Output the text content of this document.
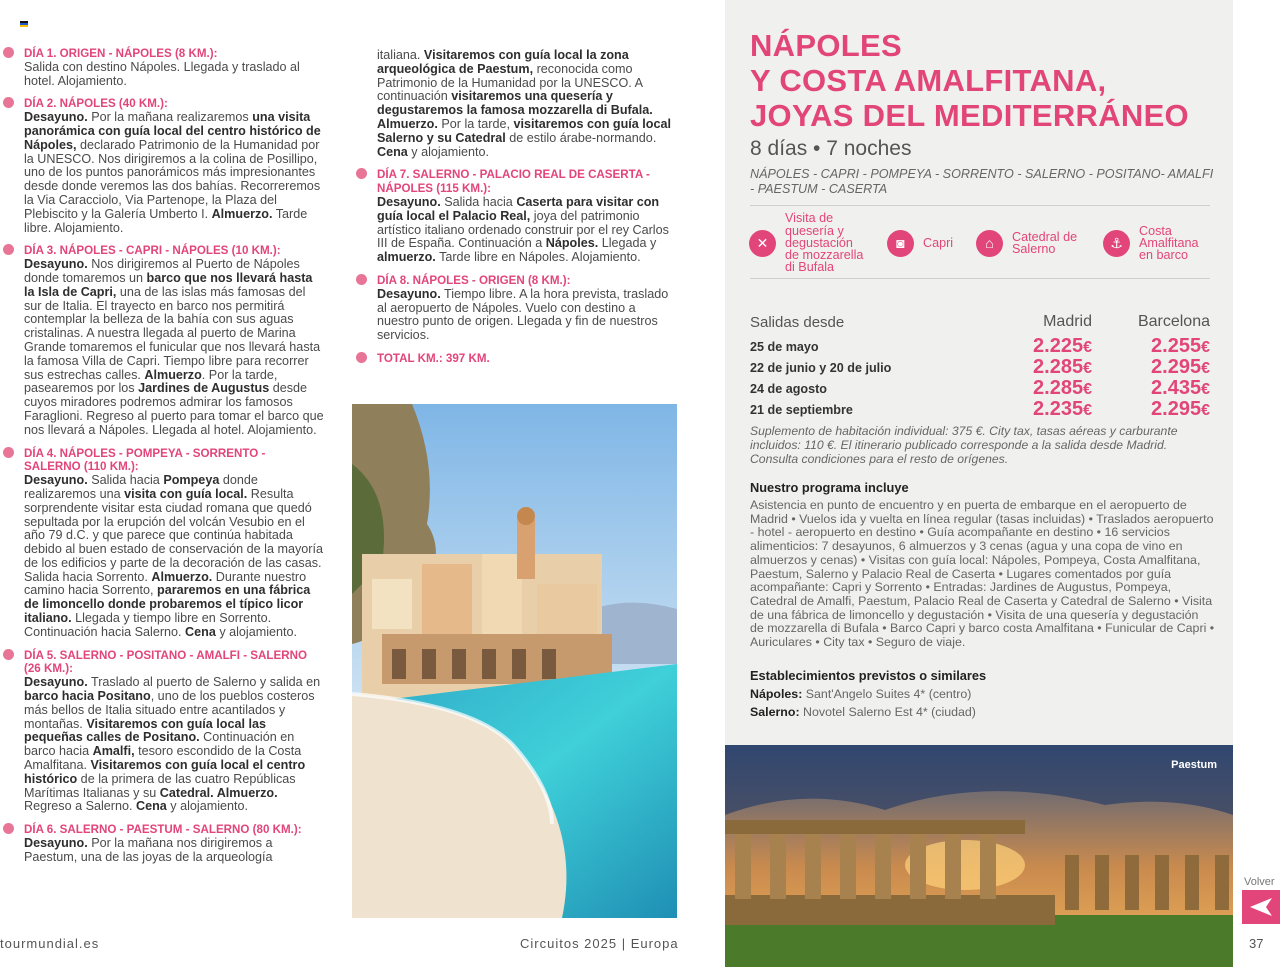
DÍA 1. ORIGEN - NÁPOLES (8 KM.):

Salida con destino Nápoles. Llegada y traslado al hotel. Alojamiento.

DÍA 2. NÁPOLES (40 KM.):

Desayuno. Por la mañana realizaremos una visita panorámica con guía local del centro histórico de Nápoles, declarado Patrimonio de la Humanidad por la UNESCO. Nos dirigiremos a la colina de Posillipo, uno de los puntos panorámicos más impresionantes desde donde veremos las dos bahías. Recorreremos la Via Caracciolo, Via Partenope, la Plaza del Plebiscito y la Galería Umberto I. Almuerzo. Tarde libre. Alojamiento.

DÍA 3. NÁPOLES - CAPRI - NÁPOLES (10 KM.):

Desayuno. Nos dirigiremos al Puerto de Nápoles donde tomaremos un barco que nos llevará hasta la Isla de Capri, una de las islas más famosas del sur de Italia. El trayecto en barco nos permitirá contemplar la belleza de la bahía con sus aguas cristalinas. A nuestra llegada al puerto de Marina Grande tomaremos el funicular que nos llevará hasta la famosa Villa de Capri. Tiempo libre para recorrer sus estrechas calles. Almuerzo. Por la tarde, pasearemos por los Jardines de Augustus desde cuyos miradores podremos admirar los famosos Faraglioni. Regreso al puerto para tomar el barco que nos llevará a Nápoles. Llegada al hotel. Alojamiento.

DÍA 4. NÁPOLES - POMPEYA - SORRENTO - SALERNO (110 KM.):

Desayuno. Salida hacia Pompeya donde realizaremos una visita con guía local. Resulta sorprendente visitar esta ciudad romana que quedó sepultada por la erupción del volcán Vesubio en el año 79 d.C. y que parece que continúa habitada debido al buen estado de conservación de la mayoría de los edificios y parte de la decoración de las casas. Salida hacia Sorrento. Almuerzo. Durante nuestro camino hacia Sorrento, pararemos en una fábrica de limoncello donde probaremos el típico licor italiano. Llegada y tiempo libre en Sorrento. Continuación hacia Salerno. Cena y alojamiento.

DÍA 5. SALERNO - POSITANO - AMALFI - SALERNO (26 KM.):

Desayuno. Traslado al puerto de Salerno y salida en barco hacia Positano, uno de los pueblos costeros más bellos de Italia situado entre acantilados y montañas. Visitaremos con guía local las pequeñas calles de Positano. Continuación en barco hacia Amalfi, tesoro escondido de la Costa Amalfitana. Visitaremos con guía local el centro histórico de la primera de las cuatro Repúblicas Marítimas Italianas y su Catedral. Almuerzo. Regreso a Salerno. Cena y alojamiento.

DÍA 6. SALERNO - PAESTUM - SALERNO (80 KM.):

Desayuno. Por la mañana nos dirigiremos a Paestum, una de las joyas de la arqueología

italiana. Visitaremos con guía local la zona arqueológica de Paestum, reconocida como Patrimonio de la Humanidad por la UNESCO. A continuación visitaremos una quesería y degustaremos la famosa mozzarella di Bufala. Almuerzo. Por la tarde, visitaremos con guía local Salerno y su Catedral de estilo árabe-normando. Cena y alojamiento.

DÍA 7. SALERNO - PALACIO REAL DE CASERTA - NÁPOLES (115 KM.):

Desayuno. Salida hacia Caserta para visitar con guía local el Palacio Real, joya del patrimonio artístico italiano ordenado construir por el rey Carlos III de España. Continuación a Nápoles. Llegada y almuerzo. Tarde libre en Nápoles. Alojamiento.

DÍA 8. NÁPOLES - ORIGEN (8 KM.):

Desayuno. Tiempo libre. A la hora prevista, traslado al aeropuerto de Nápoles. Vuelo con destino a nuestro punto de origen. Llegada y fin de nuestros servicios.

TOTAL KM.: 397 KM.
tourmundial.es	Circuitos 2025 | Europa
NÁPOLES
Y COSTA AMALFITANA,
JOYAS DEL MEDITERRÁNEO
8 días • 7 noches
NÁPOLES - CAPRI - POMPEYA - SORRENTO - SALERNO - POSITANO- AMALFI - PAESTUM - CASERTA
✕
Visita de
quesería y
degustación
de mozzarella
di Bufala
◙	Capri	⌂	Catedral de
Salerno	⚓
Costa
Amalfitana
en barco
Salidas desde	Madrid	Barcelona
25 de mayo	2.225€	2.255€
22 de junio y 20 de julio	2.285€	2.295€
24 de agosto	2.285€	2.435€
21 de septiembre	2.235€	2.295€
Suplemento de habitación individual: 375 €. City tax, tasas aéreas y carburante incluidos: 110 €. El itinerario publicado corresponde a la salida desde Madrid. Consulta condiciones para el resto de orígenes.
Nuestro programa incluye
Asistencia en punto de encuentro y en puerta de embarque en el aeropuerto de Madrid • Vuelos ida y vuelta en línea regular (tasas incluidas) • Traslados aeropuerto - hotel - aeropuerto en destino • Guía acompañante en destino • 16 servicios alimenticios: 7 desayunos, 6 almuerzos y 3 cenas (agua y una copa de vino en almuerzos y cenas) • Visitas con guía local: Nápoles, Pompeya, Costa Amalfitana, Paestum, Salerno y Palacio Real de Caserta • Lugares comentados por guía acompañante: Capri y Sorrento • Entradas: Jardines de Augustus, Pompeya, Catedral de Amalfi, Paestum, Palacio Real de Caserta y Catedral de Salerno • Visita de una fábrica de limoncello y degustación • Visita de una quesería y degustación de mozzarella di Bufala • Barco Capri y barco costa Amalfitana • Funicular de Capri • Auriculares • City tax • Seguro de viaje.
Establecimientos previstos o similares
Nápoles: Sant'Angelo Suites 4* (centro)
Salerno: Novotel Salerno Est 4* (ciudad)
Paestum
Volver
37
